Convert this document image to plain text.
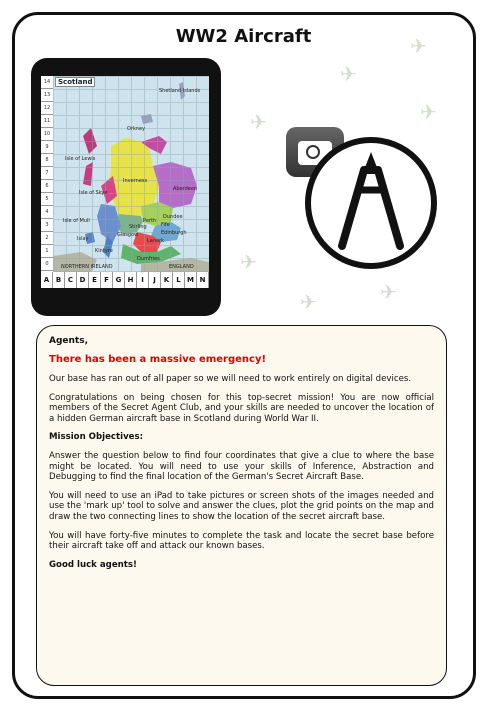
✈
✈
✈
✈
✈
✈
✈
WW2 Aircraft
14
13
12
11
10
9
8
7
6
5
4
3
2
1
0
A B C D E	F G H	I	J	K	L M N
Scotland
Shetland Islands
Orkney
Isle of Lewis
Isle of Skye
Inverness
Aberdeen
Dundee
Perth
Isle of Mull
Stirling	Fife
Edinburgh
Glasgow
Lanark
Islay
Kintyre
Dumfries
NORTHERN IRELAND	ENGLAND

Agents,

There has been a massive emergency!

Our base has ran out of all paper so we will need to work entirely on digital devices.

Congratulations on being chosen for this top-secret mission! You are now official members of the Secret Agent Club, and your skills are needed to uncover the location of a hidden German aircraft base in Scotland during World War II.

Mission Objectives:

Answer the question below to find four coordinates that give a clue to where the base might be located. You will need to use your skills of Inference, Abstraction and Debugging to find the final location of the German's Secret Aircraft Base.

You will need to use an iPad to take pictures or screen shots of the images needed and use the 'mark up' tool to solve and answer the clues, plot the grid points on the map and draw the two connecting lines to show the location of the secret aircraft base.

You will have forty-five minutes to complete the task and locate the secret base before their aircraft take off and attack our known bases.

Good luck agents!
